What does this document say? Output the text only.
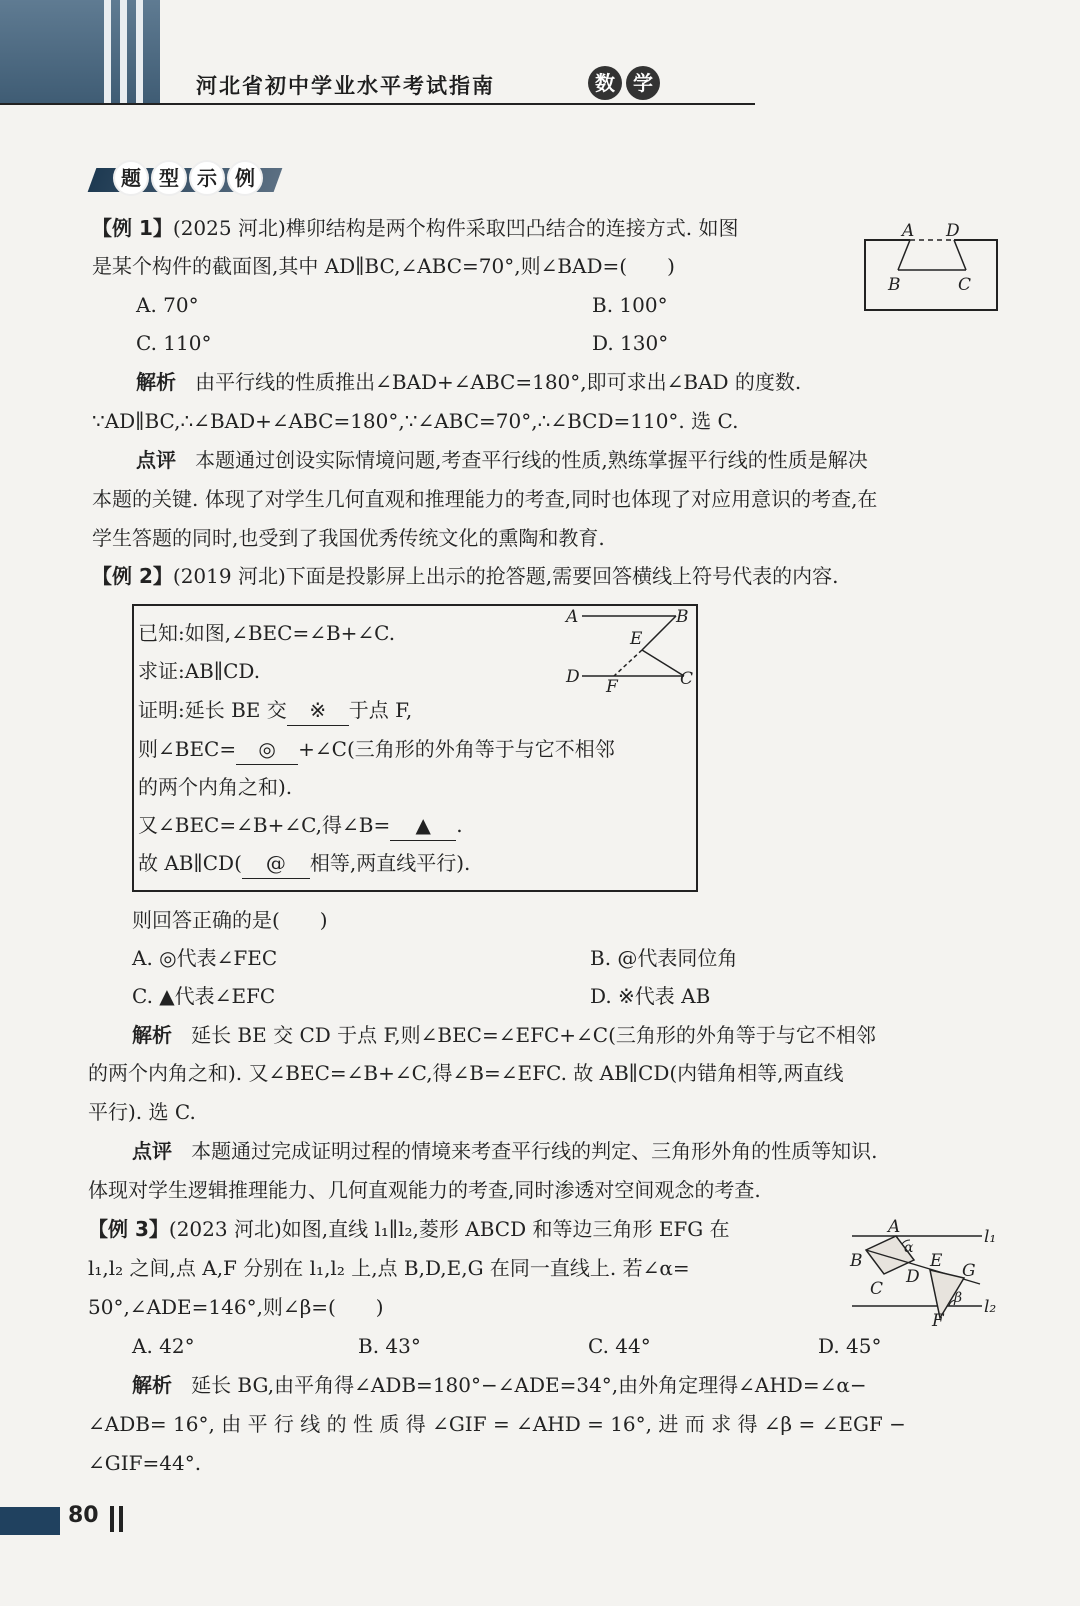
河北省初中学业水平考试指南	数 学
题 型 示 例
【例 1】(2025 河北)榫卯结构是两个构件采取凹凸结合的连接方式. 如图
是某个构件的截面图,其中 AD∥BC,∠ABC=70°,则∠BAD=(　　)
A. 70°	B. 100°
C. 110°	D. 130°
A D
B	C
解析 由平行线的性质推出∠BAD+∠ABC=180°,即可求出∠BAD 的度数.
∵AD∥BC,∴∠BAD+∠ABC=180°,∵∠ABC=70°,∴∠BCD=110°. 选 C.
点评 本题通过创设实际情境问题,考查平行线的性质,熟练掌握平行线的性质是解决
本题的关键. 体现了对学生几何直观和推理能力的考查,同时也体现了对应用意识的考查,在
学生答题的同时,也受到了我国优秀传统文化的熏陶和教育.
【例 2】(2019 河北)下面是投影屏上出示的抢答题,需要回答横线上符号代表的内容.
已知:如图,∠BEC=∠B+∠C.
求证:AB∥CD.
证明:延长 BE 交 ※ 于点 F,
则∠BEC= ◎ +∠C(三角形的外角等于与它不相邻
的两个内角之和).
又∠BEC=∠B+∠C,得∠B= ▲ .
故 AB∥CD( @ 相等,两直线平行).
A	B
E
D F	C
则回答正确的是(　　)
A. ◎代表∠FEC	B. @代表同位角
C. ▲代表∠EFC	D. ※代表 AB
解析 延长 BE 交 CD 于点 F,则∠BEC=∠EFC+∠C(三角形的外角等于与它不相邻
的两个内角之和). 又∠BEC=∠B+∠C,得∠B=∠EFC. 故 AB∥CD(内错角相等,两直线
平行). 选 C.
点评 本题通过完成证明过程的情境来考查平行线的判定、三角形外角的性质等知识.
体现对学生逻辑推理能力、几何直观能力的考查,同时渗透对空间观念的考查.
【例 3】(2023 河北)如图,直线 l₁∥l₂,菱形 ABCD 和等边三角形 EFG 在
l₁,l₂ 之间,点 A,F 分别在 l₁,l₂ 上,点 B,D,E,G 在同一直线上. 若∠α=
50°,∠ADE=146°,则∠β=(　　)
A. 42°	B. 43°	C. 44°	D. 45°
A	l₁
α
B	E G
D
C	β l₂
F
解析 延长 BG,由平角得∠ADB=180°−∠ADE=34°,由外角定理得∠AHD=∠α−
∠ADB= 16°, 由 平 行 线 的 性 质 得 ∠GIF = ∠AHD = 16°, 进 而 求 得 ∠β = ∠EGF −
∠GIF=44°.
80
